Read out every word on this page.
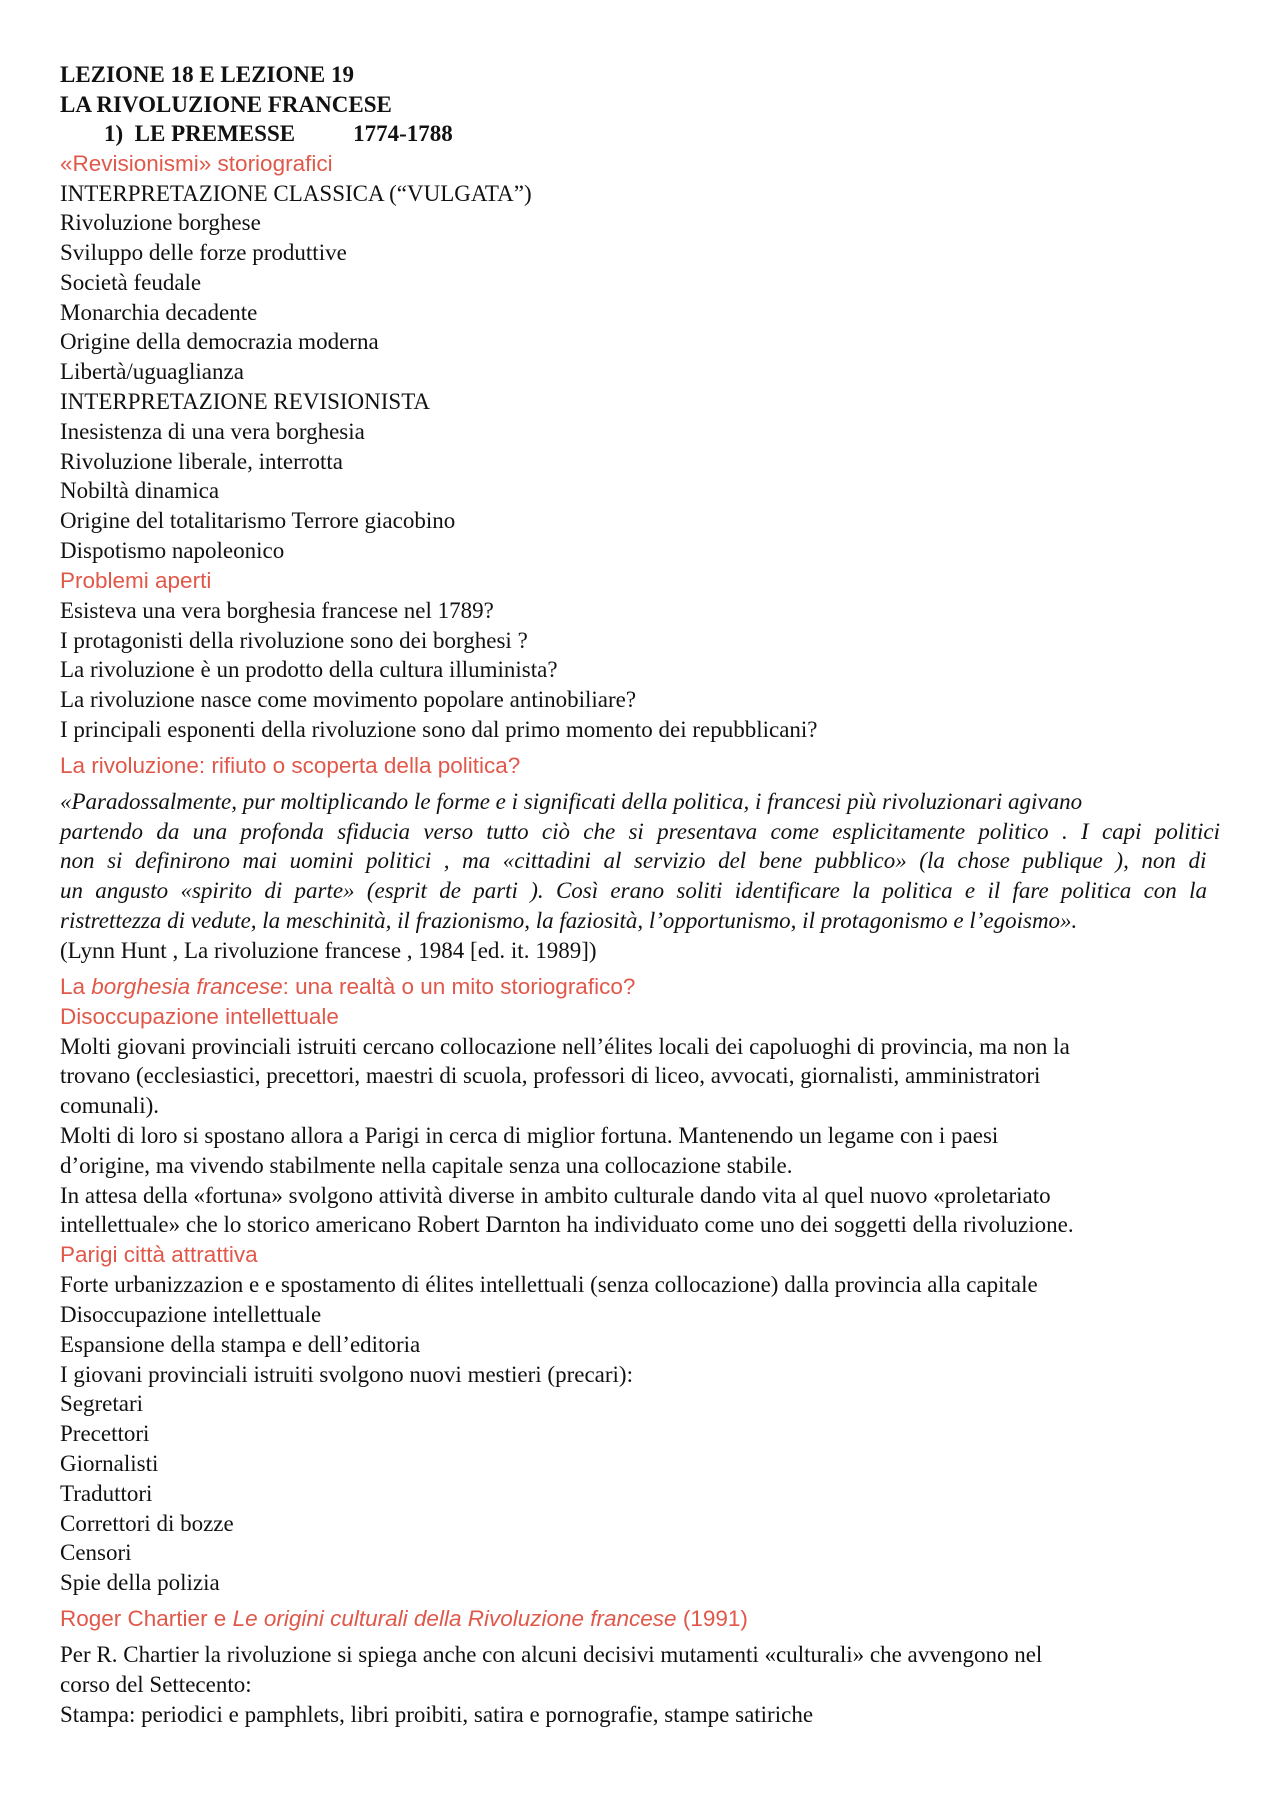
LEZIONE 18 E LEZIONE 19
LA RIVOLUZIONE FRANCESE
1) LE PREMESSE	1774-1788
«Revisionismi» storiografici
INTERPRETAZIONE CLASSICA (“VULGATA”)
Rivoluzione borghese
Sviluppo delle forze produttive
Società feudale
Monarchia decadente
Origine della democrazia moderna
Libertà/uguaglianza
INTERPRETAZIONE REVISIONISTA
Inesistenza di una vera borghesia
Rivoluzione liberale, interrotta
Nobiltà dinamica
Origine del totalitarismo Terrore giacobino
Dispotismo napoleonico
Problemi aperti
Esisteva una vera borghesia francese nel 1789?
I protagonisti della rivoluzione sono dei borghesi ?
La rivoluzione è un prodotto della cultura illuminista?
La rivoluzione nasce come movimento popolare antinobiliare?
I principali esponenti della rivoluzione sono dal primo momento dei repubblicani?
La rivoluzione: rifiuto o scoperta della politica?
«Paradossalmente, pur moltiplicando le forme e i significati della politica, i francesi più rivoluzionari agivano
partendo da una profonda sfiducia verso tutto ciò che si presentava come esplicitamente politico . I capi politici
non si definirono mai uomini politici , ma «cittadini al servizio del bene pubblico» (la chose publique ), non di
un angusto «spirito di parte» (esprit de parti ). Così erano soliti identificare la politica e il fare politica con la
ristrettezza di vedute, la meschinità, il frazionismo, la faziosità, l’opportunismo, il protagonismo e l’egoismo».
(Lynn Hunt , La rivoluzione francese , 1984 [ed. it. 1989])
La borghesia francese: una realtà o un mito storiografico?
Disoccupazione intellettuale
Molti giovani provinciali istruiti cercano collocazione nell’élites locali dei capoluoghi di provincia, ma non la
trovano (ecclesiastici, precettori, maestri di scuola, professori di liceo, avvocati, giornalisti, amministratori
comunali).
Molti di loro si spostano allora a Parigi in cerca di miglior fortuna. Mantenendo un legame con i paesi
d’origine, ma vivendo stabilmente nella capitale senza una collocazione stabile.
In attesa della «fortuna» svolgono attività diverse in ambito culturale dando vita al quel nuovo «proletariato
intellettuale» che lo storico americano Robert Darnton ha individuato come uno dei soggetti della rivoluzione.
Parigi città attrattiva
Forte urbanizzazion e e spostamento di élites intellettuali (senza collocazione) dalla provincia alla capitale
Disoccupazione intellettuale
Espansione della stampa e dell’editoria
I giovani provinciali istruiti svolgono nuovi mestieri (precari):
Segretari
Precettori
Giornalisti
Traduttori
Correttori di bozze
Censori
Spie della polizia
Roger Chartier e Le origini culturali della Rivoluzione francese (1991)
Per R. Chartier la rivoluzione si spiega anche con alcuni decisivi mutamenti «culturali» che avvengono nel
corso del Settecento:
Stampa: periodici e pamphlets, libri proibiti, satira e pornografie, stampe satiriche
